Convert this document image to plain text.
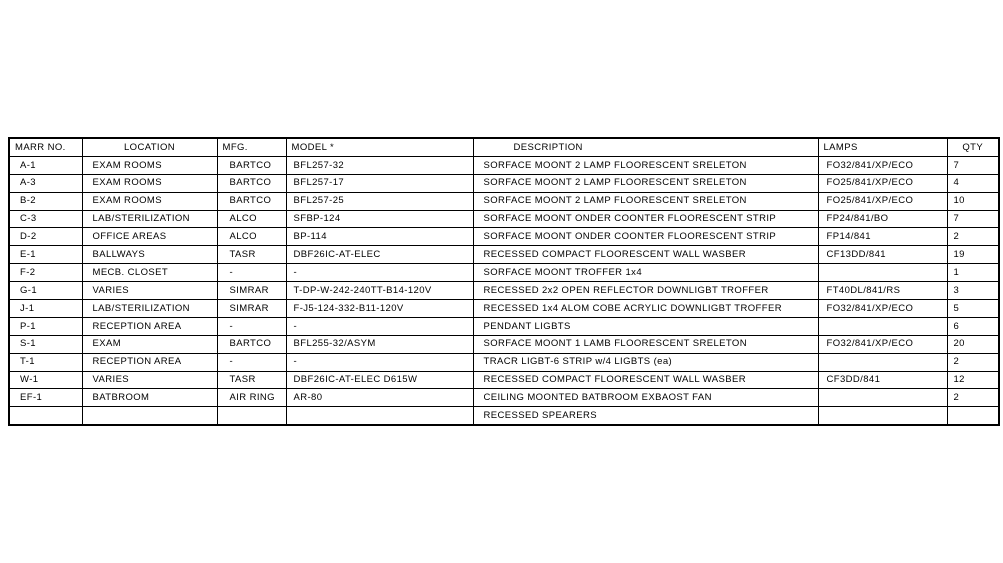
MARR NO.	LOCATION	MFG.	MODEL *	DESCRIPTION	LAMPS	QTY
A-1	EXAM ROOMS	BARTCO	BFL257-32	SORFACE MOONT 2 LAMP FLOORESCENT SRELETON	FO32/841/XP/ECO	7
A-3	EXAM ROOMS	BARTCO	BFL257-17	SORFACE MOONT 2 LAMP FLOORESCENT SRELETON	FO25/841/XP/ECO	4
B-2	EXAM ROOMS	BARTCO	BFL257-25	SORFACE MOONT 2 LAMP FLOORESCENT SRELETON	FO25/841/XP/ECO	10
C-3	LAB/STERILIZATION	ALCO	SFBP-124	SORFACE MOONT ONDER COONTER FLOORESCENT STRIP	FP24/841/BO	7
D-2	OFFICE AREAS	ALCO	BP-114	SORFACE MOONT ONDER COONTER FLOORESCENT STRIP	FP14/841	2
E-1	BALLWAYS	TASR	DBF26IC-AT-ELEC	RECESSED COMPACT FLOORESCENT WALL WASBER	CF13DD/841	19
F-2	MECB. CLOSET	-	-	SORFACE MOONT TROFFER 1x4		1
G-1	VARIES	SIMRAR	T-DP-W-242-240TT-B14-120V	RECESSED 2x2 OPEN REFLECTOR DOWNLIGBT TROFFER	FT40DL/841/RS	3
J-1	LAB/STERILIZATION	SIMRAR	F-J5-124-332-B11-120V	RECESSED 1x4 ALOM COBE ACRYLIC DOWNLIGBT TROFFER	FO32/841/XP/ECO	5
P-1	RECEPTION AREA	-	-	PENDANT LIGBTS		6
S-1	EXAM	BARTCO	BFL255-32/ASYM	SORFACE MOONT 1 LAMB FLOORESCENT SRELETON	FO32/841/XP/ECO	20
T-1	RECEPTION AREA	-	-	TRACR LIGBT-6 STRIP w/4 LIGBTS (ea)		2
W-1	VARIES	TASR	DBF26IC-AT-ELEC D615W	RECESSED COMPACT FLOORESCENT WALL WASBER	CF3DD/841	12
EF-1	BATBROOM	AIR RING	AR-80	CEILING MOONTED BATBROOM EXBAOST FAN		2
				RECESSED SPEARERS		
